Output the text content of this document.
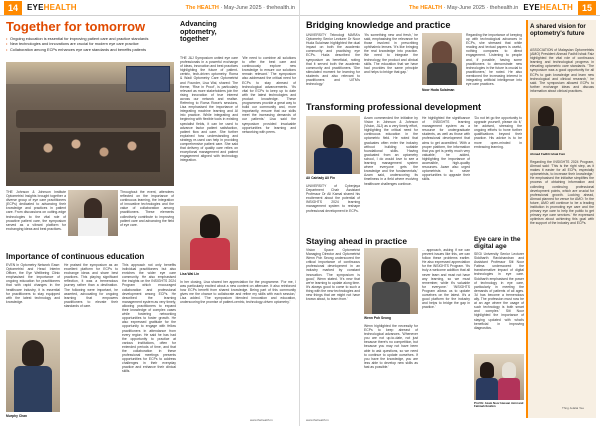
14	EYEHEALTH	The HEALTH · May-June 2025 · thehealth.in
Together for tomorrow
• Ongoing education is essential for improving patient care and practice standards
• New technologies and innovations are crucial for modern eye care practice
• Collaboration among ECPs enhances eye care standards and benefits patients
THE Johnson & Johnson Institute Optometrist Insights brought together a diverse group of eye care practitioners (ECPs) dedicated to advancing their knowledge and practices in patient care. From discussions on cutting-edge technologies to the vital role of proactive patient care, the symposium served as a vibrant platform for exchanging ideas and best practices.
Throughout the event, attendees reflected on the importance of continuous learning, the integration of innovative technologies and the value of collaboration among practitioners. These elements collectively contribute to improving patient care and advancing the field of eye care.
Importance of continuous education
EVEN in Optometry Network Ease: Optometrist and Head Interim Officer, the Eye Wellbeing Clinic emphasised the importance of ongoing education for practitioners that with rapid changes in the healthcare industry, it is essential for practitioners to stay equipped with the latest technology and knowledge.
He praised the symposium as an excellent platform for ECPs to exchange ideas and share best practices. This playing significant reflection, it was a tremendous journey rather than a destination. The following were important, he asserted, advocating for ongoing learning that empowers practitioners to elevate their standards of care.
This approach not only benefits individual practitioners but also enriches the wider eye care community. He also emphasised the insights on the INSIGHTS 2024 Program which encouraged collaboration and professional development among ECPs. He described the learning management system as very timely, allowing practitioners to expand their knowledge of complex cases while fostering networking opportunities to foster growth. He also expressed gratitude for the opportunity to engage with fellow practitioners in attendance from every region. He said he has had the opportunity to practice at various institutions, often for extended periods of time, and that the collaboration in these professional meetings presents opportunities for ECPs to address challenges in their everyday practice and enhance their clinical skills.
Murphy Chan
Advancing optometry, together
THE J&J Symposium united eye care professionals in a powerful exchange of ideas, innovation and best practices highlighting the future of patient-centric, tech-driven optometry. Roma & Wadi Optometry Care Optometrist and Founder, Lisa Wai, shared: The theme, 'Rise in Proof', is particularly relevant as more stakeholders join the rising innovation of true interest across our network and realise. Referring to Roma Rowe's sessions, Lisa emphasised the importance of integrating machine learning and AI into practice. While integrating and beginning with flexible tools in existing specialist fields, it can be used to advance factor patient satisfaction, patient flow and care. She further explained how understanding and strategy re-used can help in providing comprehensive patient care. She said that delivery of quality care relies on exceptional management and patient engagement aligned with technology integration.
'We need to combine all solutions to offer the best care and continuously explore new knowledge to ensure our solutions remain relevant.' The symposium also addressed the critical need for ECPs to stay abreast of technological advancements. 'It's vital for ECPs to keep up to date with the latest technologies and product knowledge. These programmes provide a great way to build our community and, more importantly, ensure that our skills meet the increasing demands of our patients.' Lisa said the symposium provided invaluable opportunities for learning and networking with peers.
Lisa Wai Lin
In her closing, Lisa shared her appreciation for the programme. 'For me, I was particularly excited about a new content on aftercare. It also reinforced how ECPs benefit from shared knowledge. Being part of this community gives me the chance to collaborate and refine my skills with each session,' Lisa added. 'The symposium blended innovation and education, underscoring the promise of patient-centric, technology-driven optometry.'
www.thehealth.in
The HEALTH · May-June 2025 · thehealth.in EYEHEALTH	15
Bridging knowledge and practice
UNIVERSITY Teknologi MARA's Optometry Senior Lecturer Dr Noor Huda Sulaiman highlighted the dual impact on both the academic community and practising eye ECPs. Huda described the symposium as beneficial, noting that it served both the academic community and practitioners. 'She stimulated moment for learning for students and also relevant to practitioners and UiTM's technology.'
'It's something new and fresh,' he said, emphasising the relevance for those involved in prescribing ophthalmic lenses. 'It's like bringing the real knowledge into practice. We need to integrate the technology, the product and clinical skills. The education that we have had provides the same principle and helps to bridge that gap.'
Noor Huda Sulaiman
Regarding the importance of keeping up with technological advances in ECPs, she stressed that while reading and textual papers is useful, nothing compares to direct engagement. 'Listening to people and, if possible, having some practitioners to demonstrate new technologies in the future is crucial to practitioners,' he noted. He also mentioned the increasing interest in integrating artificial intelligence into eye care practices.
A shared vision for optometry's future
ASSOCIATION of Malaysian Optometrists (AMO) President Ahmad Fadhli Ishak Faiz highlighted the vital role of continuous learning and technological progress in elevating optometric care standards. 'The symposium was a good opportunity for all ECPs to gain knowledge and learn new technological and clinical research,' he said. The symposium allowed ECPs to further exchange ideas and discuss information about clinical practices.
Ahmad Fadhli Ishak Faiz
Regarding the INSIGHTS 2024 Program, Ahmad said: 'This is the right step, as it makes it easier for all ECPs, especially optometrists, to increase their knowledge.' He emphasised the initiative simplifies the process of obtaining information and collecting continuing professional development points, which are crucial for professional growth. Looking ahead, Ahmad planned for venue for AMO: 'In the future, AMO will continue to be a leading institution in promoting eye care and the primary eye care to help the public to get primary eye care services.' He expressed optimism about achieving this goal with the support of the industry and ECPs.
Transforming professional development
Ali Cairlady Ali Fin
UNIVERSITY of Cyberjaya Department Chair Assistant Professor Dr Ali Kamal shared his excitement about the potential of INSIGHTS 2024 learning management system to reshape professional development in ECPs.
Azam commended the initiative by Vision in Johnson & Johnson (Vision, J&J) as a very timely effort, highlighting the critical need for continuous education in the optometric field. He noted that graduates often enter the industry without building suitable foundational skills. 'Having graduated from an optometry school, I do would love to see a learning management system where everyone gets the knowledge and the fundamentals,' Azam said, underscoring its timeliness in a field where evolving healthcare challenges continue.
He highlighted the significance of INSIGHTS learning management system as a resource for undergraduate students, as well as those with professional development that aims to get accredited. 'With a proper platform, the information that you get is pretty much very valuable,' he added, highlighting the importance of accessible, high-quality resources. Azam also urged optometrists to seize opportunities to upgrade their skills.
'Do not let go the opportunity to upgrade yourself, please do it,' he advised, stressing the ongoing efforts to hone further qualifications beyond their practice. His advice is to be more open-minded in embracing learning.
Staying ahead in practice
Vision Space Optometrist Managing Director and Optometrist Wenn Poh Seong underscored the critical importance of continuous professional development in an industry marked by constant innovation. 'The symposium is good,' Wenn stated. 'It's new that we're learning to update along time. It's always good to come to such a thing with the new technologies and new things that we might not have known about, to learn from.'
Wenn Poh Seong
Wenn highlighted the necessity for ECPs to keep abreast of technological advances. 'Whenever you are not up-to-date, not just because there's no competition, but because you may not have been able to ask questions, so we need to continue to update ourselves. If you have the knowledge, you are less able to develop new skills as fast as possible.'
... approach, asking if we can prevent issues like this, we can follow these problems earlier. He also expressed appreciation for the INSIGHTS Program. 'It's truly a welcome addition that all never learn and must not have any learning, so we must remember, while it's valuable for everyone.' 'INSIGHTS Program allows us to update ourselves on the latest. It's a good platform for the industry and helps to bridge the gap in practice.'
Eye care in the digital age
SEGi University Senior Lecturer Siddharth Ravichandran and Assistant Professor Siti Noor Fatima underscored the transformative impact of digital technologies in eye care. Siddharth emphasised the power of technology in eye care, particularly in meeting the demands of patients of all ages. 'AI has become a tremendous ally. The profession must now be at an age where the usage of such technology is both smart and complex.' Siti Noor highlighted the importance of staying updated with what's beneficial in improving diagnostics.
Prof Dr. Azam Noor Hassan Azmi and Fatimah Ibrahim	Thng Jelalai Yee
www.thehealth.in
